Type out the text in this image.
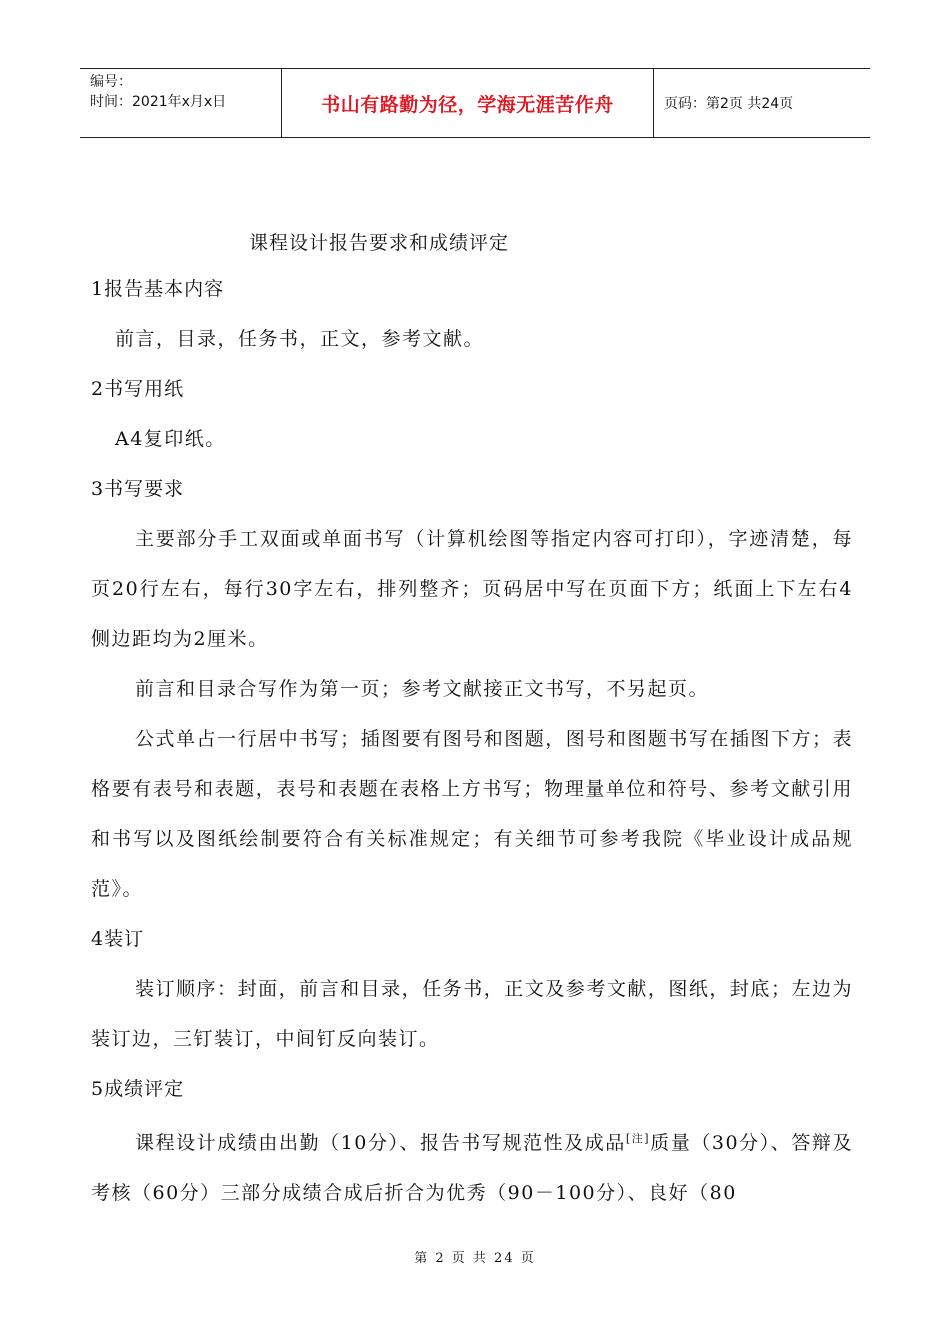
编号：
时间：2021年x月x日	书山有路勤为径，学海无涯苦作舟	页码：第2页 共24页

课程设计报告要求和成绩评定

1报告基本内容

前言，目录，任务书，正文，参考文献。

2书写用纸

A4复印纸。

3书写要求

主要部分手工双面或单面书写（计算机绘图等指定内容可打印），字迹清楚，每页20行左右，每行30字左右，排列整齐；页码居中写在页面下方；纸面上下左右4侧边距均为2厘米。

前言和目录合写作为第一页；参考文献接正文书写，不另起页。

公式单占一行居中书写；插图要有图号和图题，图号和图题书写在插图下方；表格要有表号和表题，表号和表题在表格上方书写；物理量单位和符号、参考文献引用和书写以及图纸绘制要符合有关标准规定；有关细节可参考我院《毕业设计成品规范》。

4装订

装订顺序：封面，前言和目录，任务书，正文及参考文献，图纸，封底；左边为装订边，三钉装订，中间钉反向装订。

5成绩评定

课程设计成绩由出勤（10分）、报告书写规范性及成品[注]质量（30分）、答辩及考核（60分）三部分成绩合成后折合为优秀（90－100分）、良好（80

第 2 页 共 24 页
